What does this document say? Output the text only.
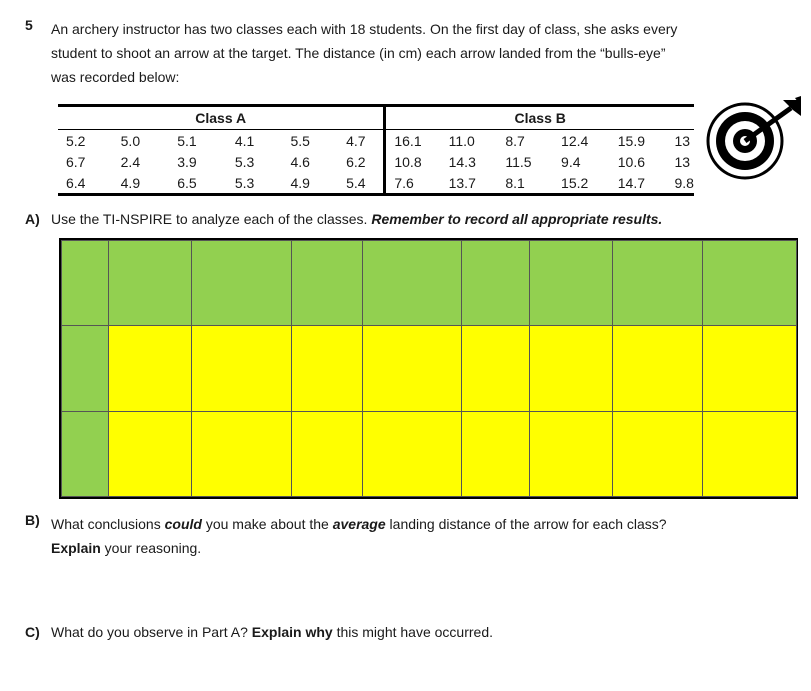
5 An archery instructor has two classes each with 18 students. On the first day of class, she asks every
student to shoot an arrow at the target. The distance (in cm) each arrow landed from the “bulls-eye”
was recorded below:
Class A						Class B					
5.2	5.0	5.1	4.1	5.5	4.7	16.1	11.0	8.7	12.4	15.9	13
6.7	2.4	3.9	5.3	4.6	6.2	10.8	14.3	11.5	9.4	10.6	13
6.4	4.9	6.5	5.3	4.9	5.4	7.6	13.7	8.1	15.2	14.7	9.8
A) Use the TI-NSPIRE to analyze each of the classes. Remember to record all appropriate results.

B) What conclusions could you make about the average landing distance of the arrow for each class?
Explain your reasoning.
C) What do you observe in Part A? Explain why this might have occurred.
